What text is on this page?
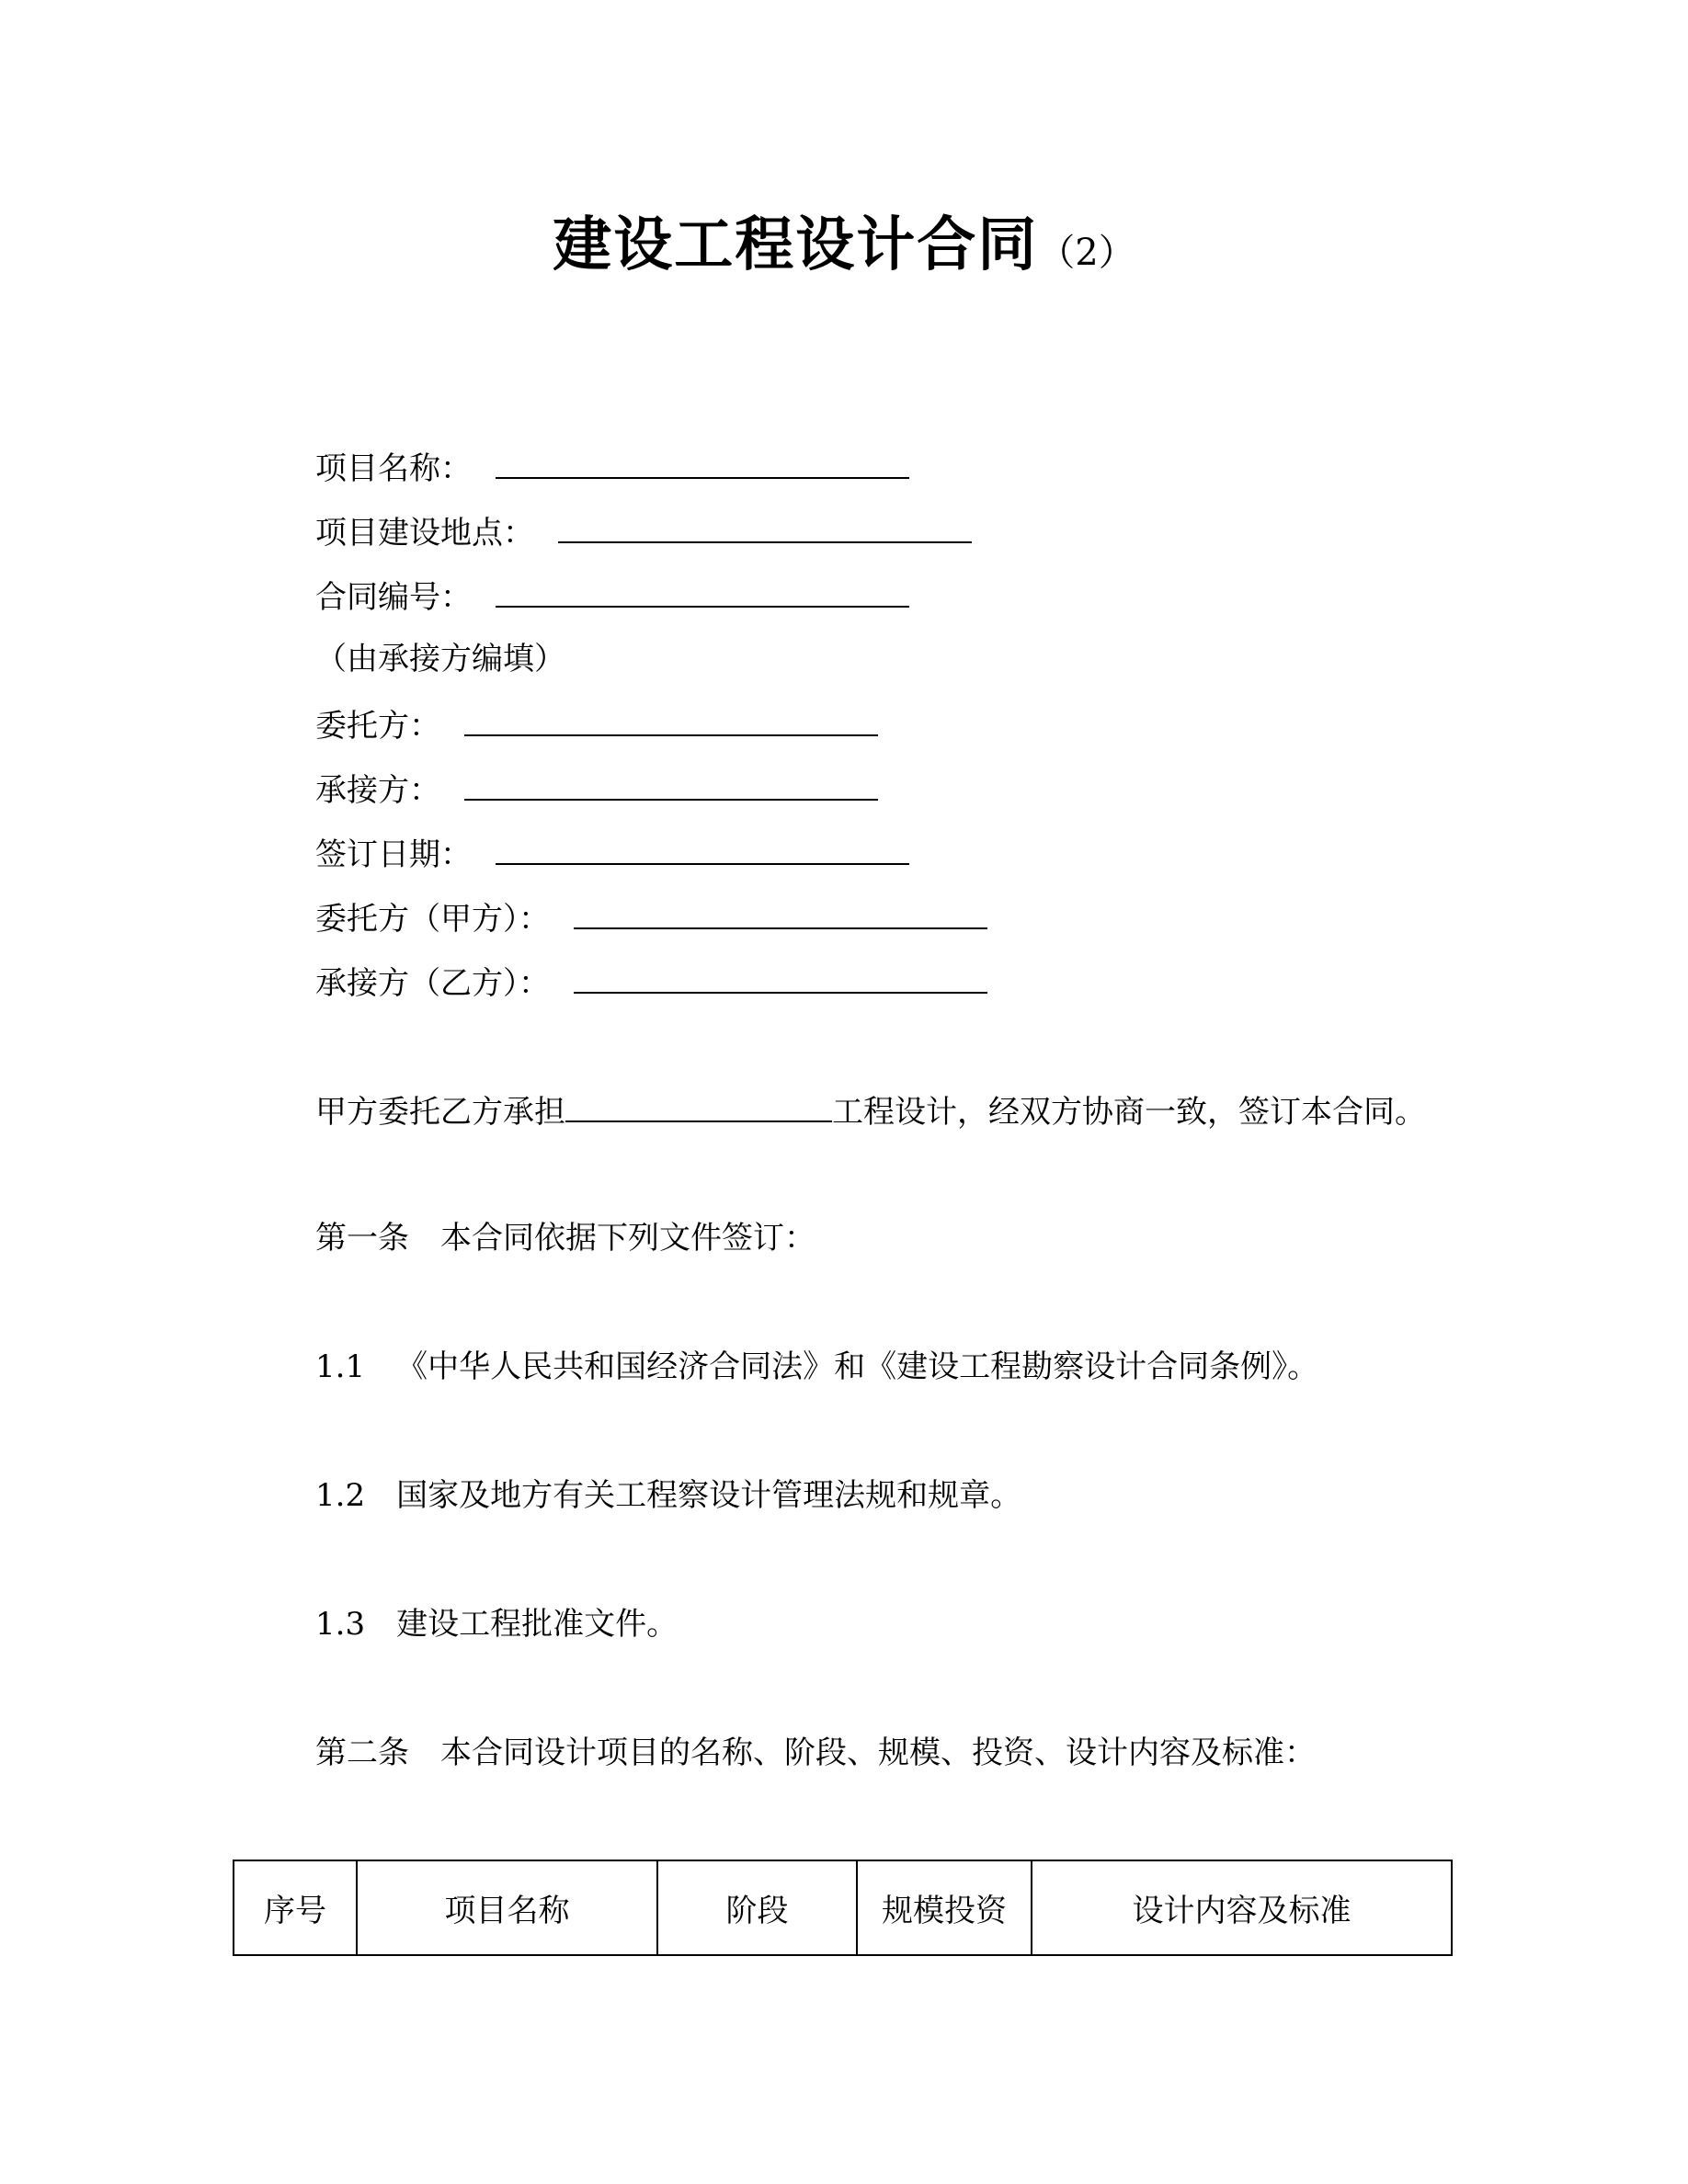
建设工程设计合同（2）
项目名称：
项目建设地点：
合同编号：
（由承接方编填）
委托方：
承接方：
签订日期：
委托方（甲方）：
承接方（乙方）：
甲方委托乙方承担	工程设计，经双方协商一致，签订本合同。
第一条 本合同依据下列文件签订：
1.1 《中华人民共和国经济合同法》和《建设工程勘察设计合同条例》。
1.2 国家及地方有关工程察设计管理法规和规章。
1.3 建设工程批准文件。
第二条 本合同设计项目的名称、阶段、规模、投资、设计内容及标准：
序号	项目名称	阶段	规模投资	设计内容及标准
